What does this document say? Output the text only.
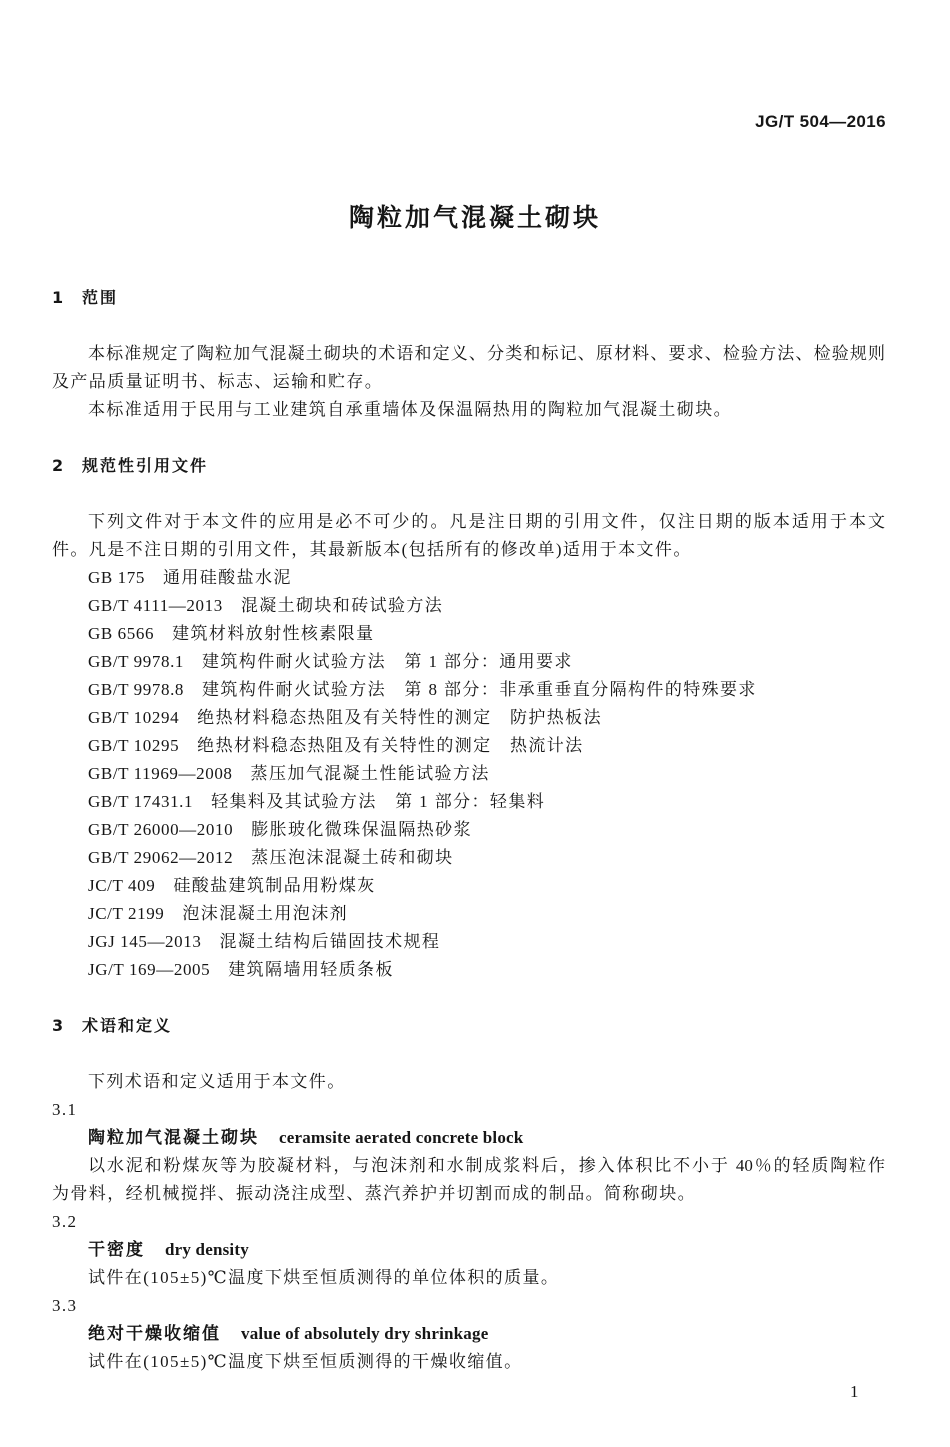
JG/T 504—2016
陶粒加气混凝土砌块
1 范围
本标准规定了陶粒加气混凝土砌块的术语和定义、分类和标记、原材料、要求、检验方法、检验规则
及产品质量证明书、标志、运输和贮存。
本标准适用于民用与工业建筑自承重墙体及保温隔热用的陶粒加气混凝土砌块。
2 规范性引用文件
下列文件对于本文件的应用是必不可少的。凡是注日期的引用文件，仅注日期的版本适用于本文
件。凡是不注日期的引用文件，其最新版本(包括所有的修改单)适用于本文件。
GB 175 通用硅酸盐水泥
GB/T 4111—2013 混凝土砌块和砖试验方法
GB 6566 建筑材料放射性核素限量
GB/T 9978.1 建筑构件耐火试验方法　第 1 部分：通用要求
GB/T 9978.8 建筑构件耐火试验方法　第 8 部分：非承重垂直分隔构件的特殊要求
GB/T 10294 绝热材料稳态热阻及有关特性的测定　防护热板法
GB/T 10295 绝热材料稳态热阻及有关特性的测定　热流计法
GB/T 11969—2008 蒸压加气混凝土性能试验方法
GB/T 17431.1 轻集料及其试验方法　第 1 部分：轻集料
GB/T 26000—2010 膨胀玻化微珠保温隔热砂浆
GB/T 29062—2012 蒸压泡沫混凝土砖和砌块
JC/T 409 硅酸盐建筑制品用粉煤灰
JC/T 2199 泡沫混凝土用泡沫剂
JGJ 145—2013 混凝土结构后锚固技术规程
JG/T 169—2005 建筑隔墙用轻质条板
3 术语和定义
下列术语和定义适用于本文件。
3.1
陶粒加气混凝土砌块 ceramsite aerated concrete block
以水泥和粉煤灰等为胶凝材料，与泡沫剂和水制成浆料后，掺入体积比不小于 40％的轻质陶粒作
为骨料，经机械搅拌、振动浇注成型、蒸汽养护并切割而成的制品。简称砌块。
3.2
干密度 dry density
试件在(105±5)℃温度下烘至恒质测得的单位体积的质量。
3.3
绝对干燥收缩值 value of absolutely dry shrinkage
试件在(105±5)℃温度下烘至恒质测得的干燥收缩值。
1
